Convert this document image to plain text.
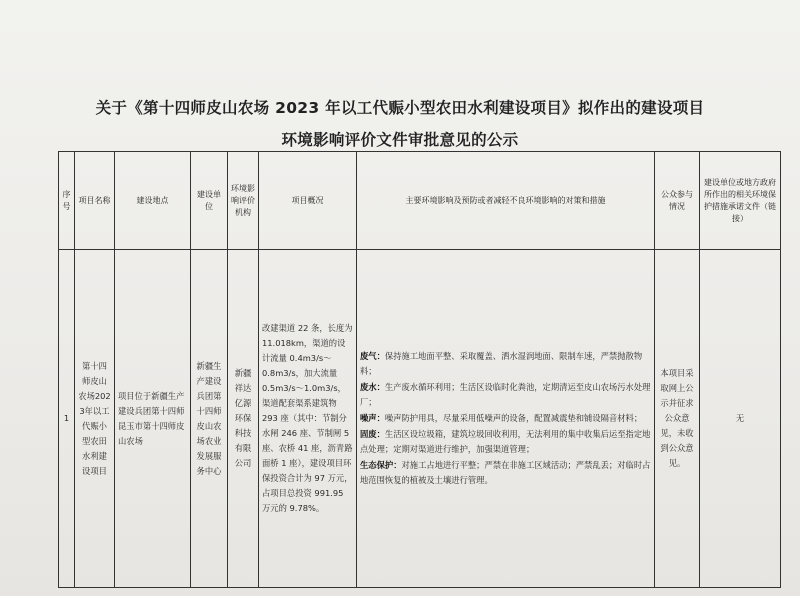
关于《第十四师皮山农场 2023 年以工代赈小型农田水利建设项目》拟作出的建设项目
环境影响评价文件审批意见的公示
序号	项目名称	建设地点	建设单位	环境影响评价机构	项目概况	主要环境影响及预防或者减轻不良环境影响的对策和措施	公众参与情况	建设单位或地方政府所作出的相关环境保护措施承诺文件（链接）
1	第十四师皮山农场2023年以工代赈小型农田水利建设项目	项目位于新疆生产建设兵团第十四师昆玉市第十四师皮山农场	新疆生产建设兵团第十四师皮山农场农业发展服务中心	新疆祥达亿源环保科技有限公司	改建渠道 22 条，长度为 11.018km，渠道的设计流量 0.4m3/s～0.8m3/s，加大流量 0.5m3/s～1.0m3/s，渠道配套渠系建筑物 293 座（其中：节制分水闸 246 座、节制闸 5 座、农桥 41 座，沥青路面桥 1 座），建设项目环保投资合计为 97 万元，占项目总投资 991.95 万元的 9.78%。	废气：保持施工地面平整、采取覆盖、洒水湿润地面、限制车速，严禁抛散物料；

废水：生产废水循环利用；生活区设临时化粪池，定期清运至皮山农场污水处理厂；

噪声：噪声防护用具，尽量采用低噪声的设备，配置减震垫和铺设隔音材料；

固废：生活区设垃圾箱，建筑垃圾回收利用，无法利用的集中收集后运至指定地点处理；定期对渠道进行维护，加强渠道管理；

生态保护：对施工占地进行平整；严禁在非施工区域活动；严禁乱丢；对临时占地范围恢复的植被及土壤进行管理。	本项目采取网上公示并征求公众意见，未收到公众意见。	无
